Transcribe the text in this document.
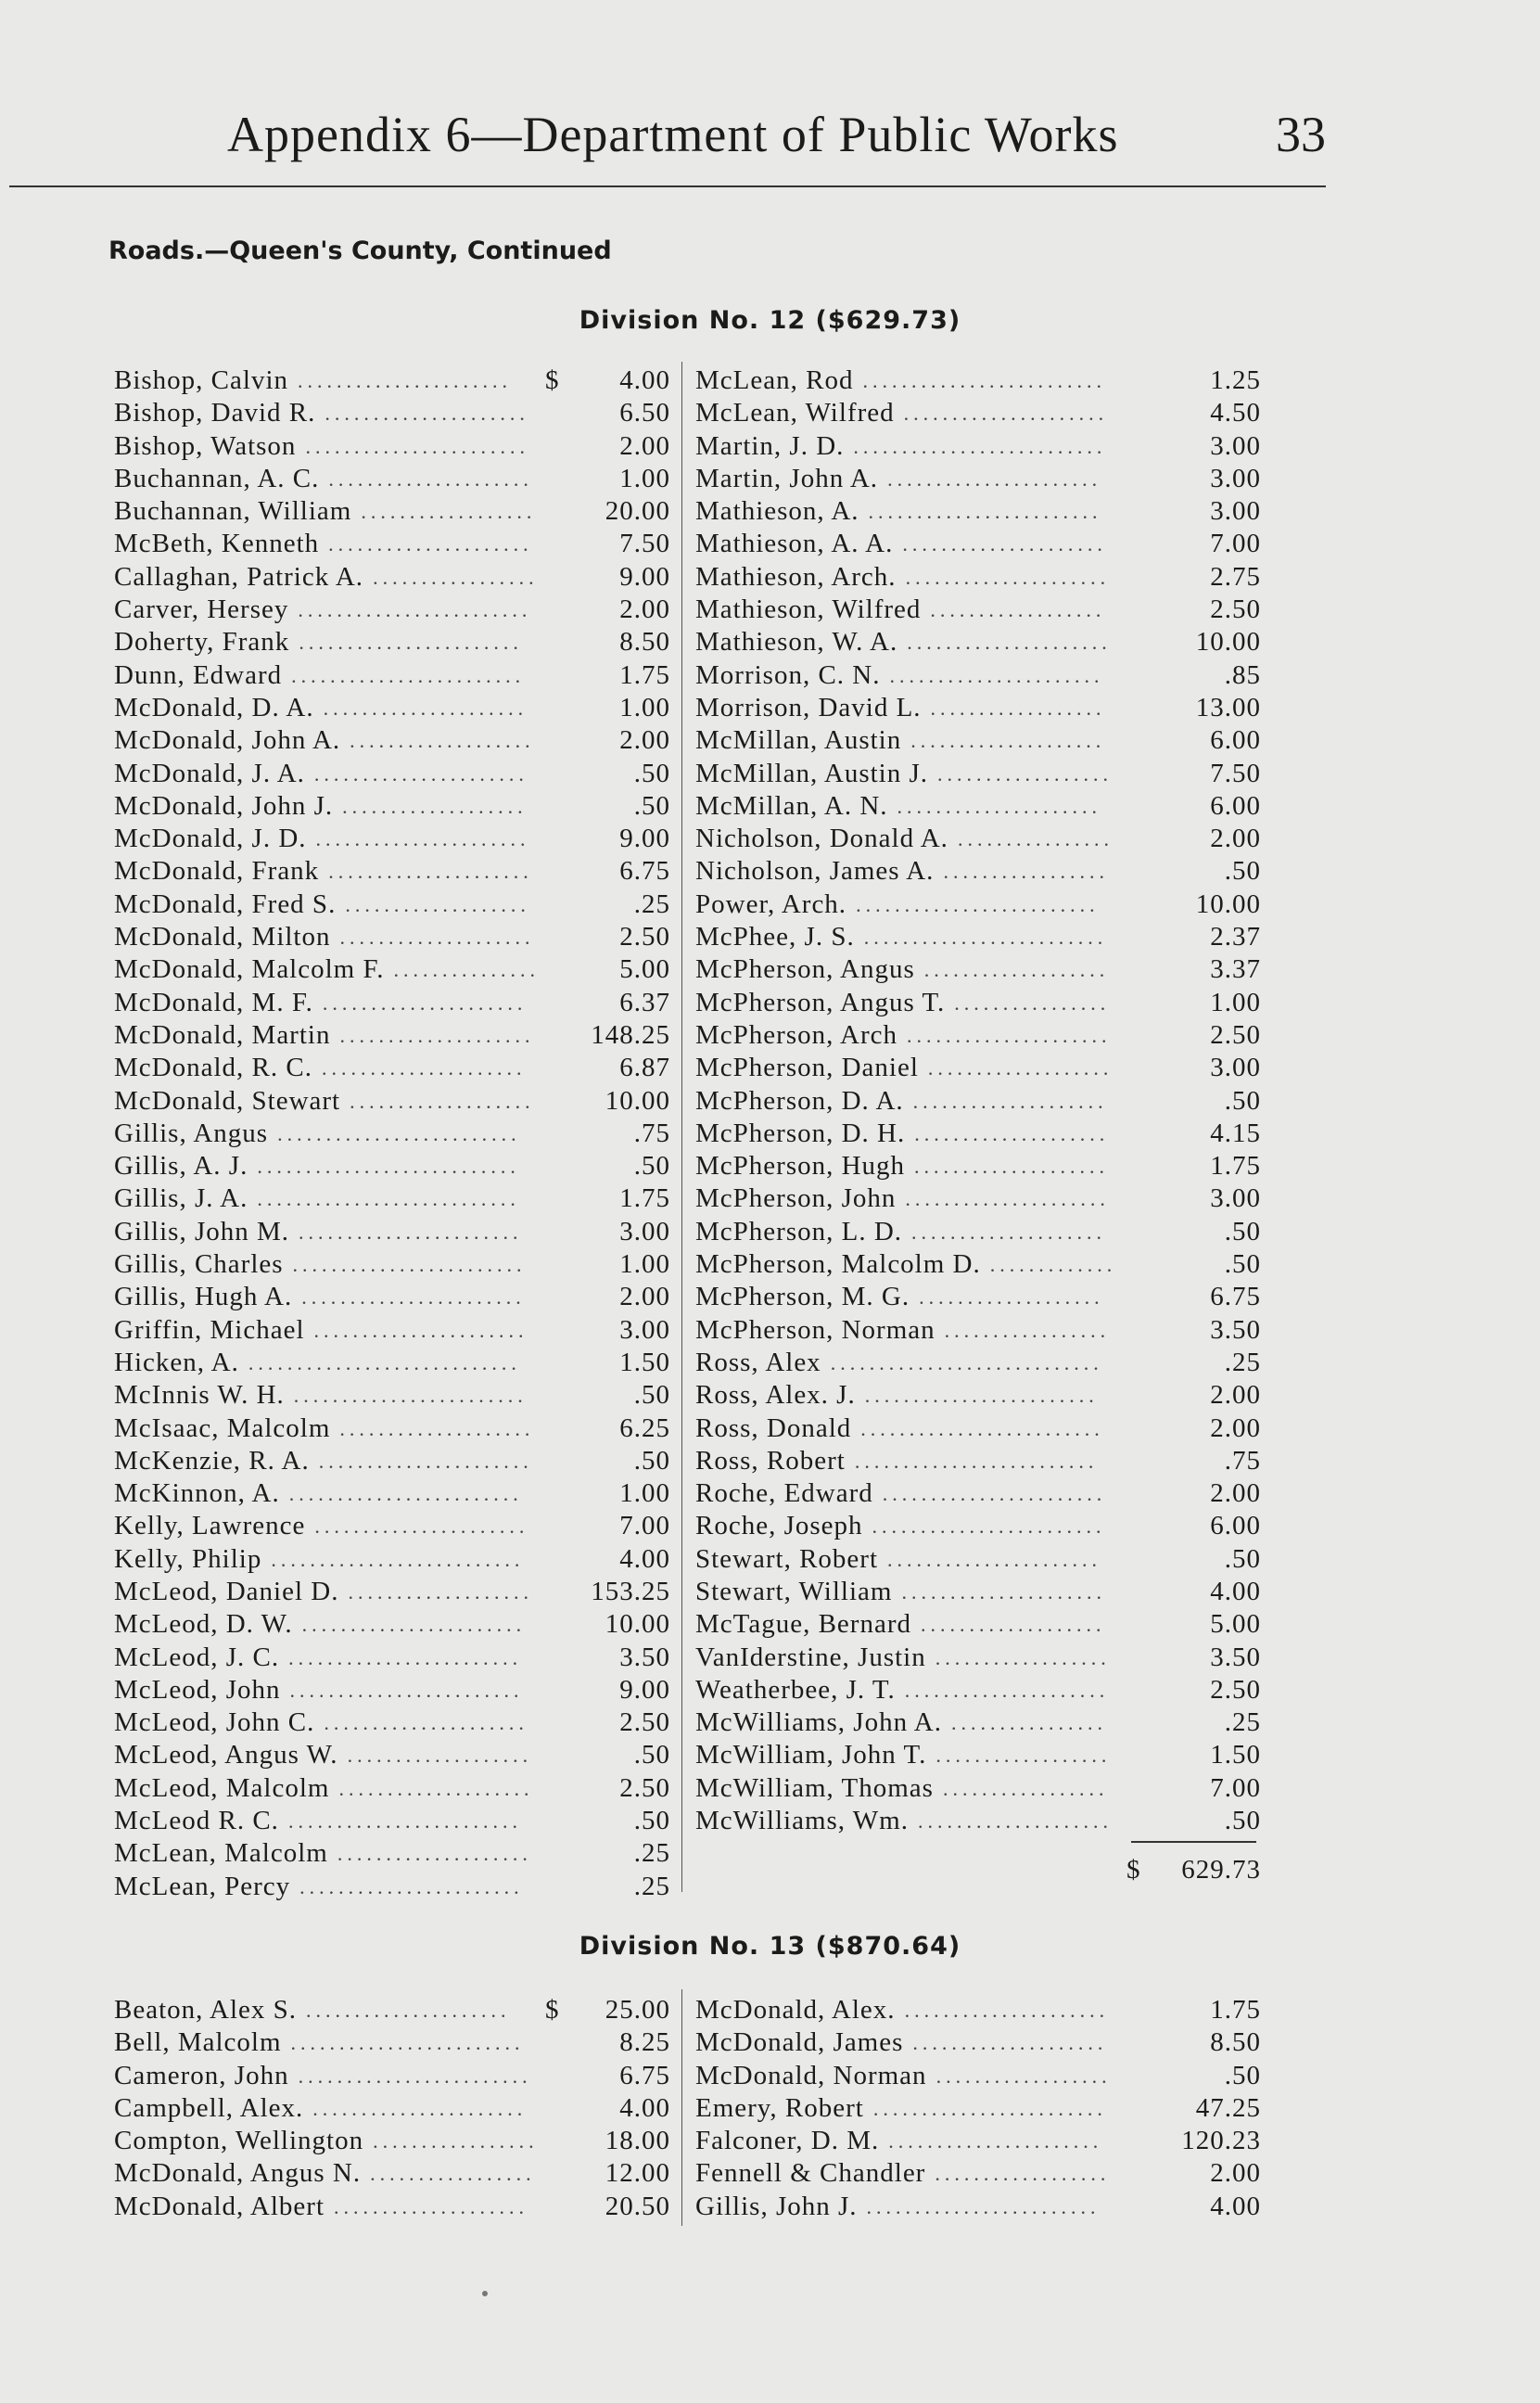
Appendix 6—Department of Public Works	33
Roads.—Queen's County, Continued
Division No. 12 ($629.73)
Bishop, Calvin ......................	$ 4.00
Bishop, David R. .....................	6.50
Bishop, Watson .......................	2.00
Buchannan, A. C. .....................	1.00
Buchannan, William ..................	20.00
McBeth, Kenneth .....................	7.50
Callaghan, Patrick A. .................	9.00
Carver, Hersey ........................	2.00
Doherty, Frank .......................	8.50
Dunn, Edward ........................	1.75
McDonald, D. A. .....................	1.00
McDonald, John A. ...................	2.00
McDonald, J. A. ......................	.50
McDonald, John J. ...................	.50
McDonald, J. D. ......................	9.00
McDonald, Frank .....................	6.75
McDonald, Fred S. ...................	.25
McDonald, Milton ....................	2.50
McDonald, Malcolm F. ...............	5.00
McDonald, M. F. .....................	6.37
McDonald, Martin ....................	148.25
McDonald, R. C. .....................	6.87
McDonald, Stewart ...................	10.00
Gillis, Angus .........................	.75
Gillis, A. J. ...........................	.50
Gillis, J. A. ...........................	1.75
Gillis, John M. .......................	3.00
Gillis, Charles ........................	1.00
Gillis, Hugh A. .......................	2.00
Griffin, Michael ......................	3.00
Hicken, A. ............................	1.50
McInnis W. H. ........................	.50
McIsaac, Malcolm ....................	6.25
McKenzie, R. A. ......................	.50
McKinnon, A. ........................	1.00
Kelly, Lawrence ......................	7.00
Kelly, Philip ..........................	4.00
McLeod, Daniel D. ...................	153.25
McLeod, D. W. .......................	10.00
McLeod, J. C. ........................	3.50
McLeod, John ........................	9.00
McLeod, John C. .....................	2.50
McLeod, Angus W. ...................	.50
McLeod, Malcolm ....................	2.50
McLeod R. C. ........................	.50
McLean, Malcolm ....................	.25
McLean, Percy .......................	.25
McLean, Rod .........................	1.25
McLean, Wilfred .....................	4.50
Martin, J. D. ..........................	3.00
Martin, John A. ......................	3.00
Mathieson, A. ........................	3.00
Mathieson, A. A. .....................	7.00
Mathieson, Arch. .....................	2.75
Mathieson, Wilfred ..................	2.50
Mathieson, W. A. .....................	10.00
Morrison, C. N. ......................	.85
Morrison, David L. ..................	13.00
McMillan, Austin ....................	6.00
McMillan, Austin J. ..................	7.50
McMillan, A. N. .....................	6.00
Nicholson, Donald A. ................	2.00
Nicholson, James A. .................	.50
Power, Arch. .........................	10.00
McPhee, J. S. .........................	2.37
McPherson, Angus ...................	3.37
McPherson, Angus T. ................	1.00
McPherson, Arch .....................	2.50
McPherson, Daniel ...................	3.00
McPherson, D. A. ....................	.50
McPherson, D. H. ....................	4.15
McPherson, Hugh ....................	1.75
McPherson, John .....................	3.00
McPherson, L. D. ....................	.50
McPherson, Malcolm D. .............	.50
McPherson, M. G. ...................	6.75
McPherson, Norman .................	3.50
Ross, Alex ............................	.25
Ross, Alex. J. ........................	2.00
Ross, Donald .........................	2.00
Ross, Robert .........................	.75
Roche, Edward .......................	2.00
Roche, Joseph ........................	6.00
Stewart, Robert ......................	.50
Stewart, William .....................	4.00
McTague, Bernard ...................	5.00
VanIderstine, Justin ..................	3.50
Weatherbee, J. T. .....................	2.50
McWilliams, John A. ................	.25
McWilliam, John T. ..................	1.50
McWilliam, Thomas .................	7.00
McWilliams, Wm. ....................	.50
$ 629.73
Division No. 13 ($870.64)
Beaton, Alex S. .....................	$ 25.00
Bell, Malcolm ........................	8.25
Cameron, John ........................	6.75
Campbell, Alex. ......................	4.00
Compton, Wellington .................	18.00
McDonald, Angus N. .................	12.00
McDonald, Albert ....................	20.50
McDonald, Alex. .....................	1.75
McDonald, James ....................	8.50
McDonald, Norman ..................	.50
Emery, Robert ........................	47.25
Falconer, D. M. ......................	120.23
Fennell & Chandler ..................	2.00
Gillis, John J. ........................	4.00
